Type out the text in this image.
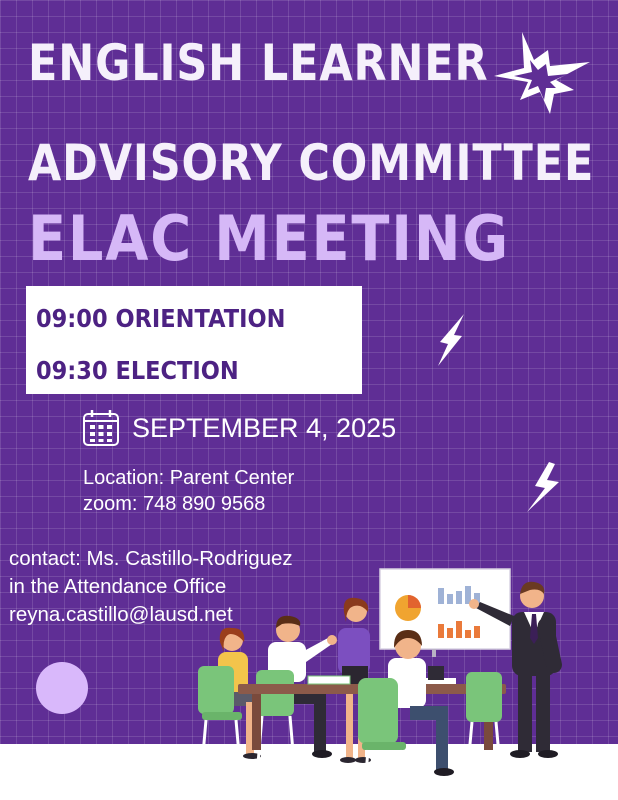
ENGLISH LEARNER
ADVISORY COMMITTEE
ELAC MEETING

09:00 ORIENTATION

09:30 ELECTION

SEPTEMBER 4, 2025
Location: Parent Center
zoom: 748 890 9568
contact: Ms. Castillo-Rodriguez
in the Attendance Office
reyna.castillo@lausd.net
